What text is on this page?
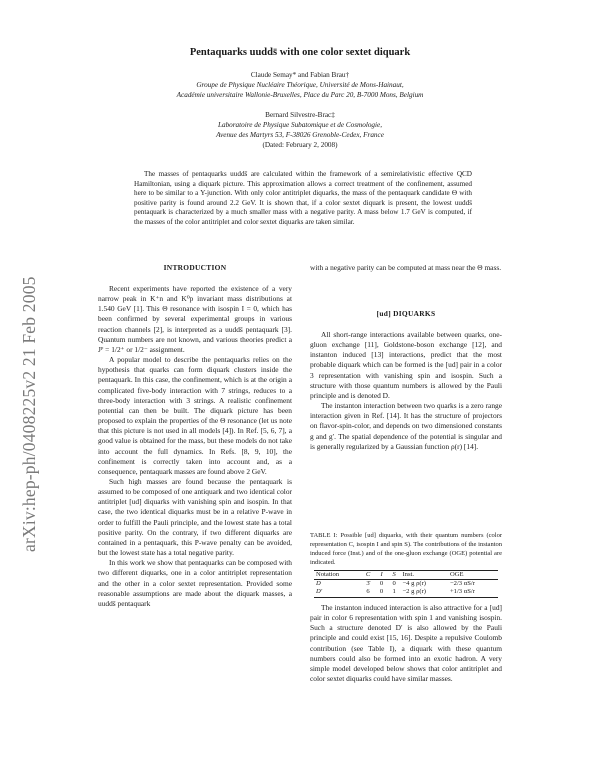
arXiv:hep-ph/0408225v2 21 Feb 2005
Pentaquarks uudds̄ with one color sextet diquark
Claude Semay* and Fabian Brau†
Groupe de Physique Nucléaire Théorique, Université de Mons-Hainaut,
Académie universitaire Wallonie-Bruxelles, Place du Parc 20, B-7000 Mons, Belgium
Bernard Silvestre-Brac‡
Laboratoire de Physique Subatomique et de Cosmologie,
Avenue des Martyrs 53, F-38026 Grenoble-Cedex, France
(Dated: February 2, 2008)

The masses of pentaquarks uudds̄ are calculated within the framework of a semirelativistic effective QCD Hamiltonian, using a diquark picture. This approximation allows a correct treatment of the confinement, assumed here to be similar to a Y-junction. With only color antitriplet diquarks, the mass of the pentaquark candidate Θ with positive parity is found around 2.2 GeV. It is shown that, if a color sextet diquark is present, the lowest uudds̄ pentaquark is characterized by a much smaller mass with a negative parity. A mass below 1.7 GeV is computed, if the masses of the color antitriplet and color sextet diquarks are taken similar.

INTRODUCTION

Recent experiments have reported the existence of a very narrow peak in K⁺n and K⁰p invariant mass distributions at 1.540 GeV [1]. This Θ resonance with isospin I = 0, which has been confirmed by several experimental groups in various reaction channels [2], is interpreted as a uudds̄ pentaquark [3]. Quantum numbers are not known, and various theories predict a Jᴾ = 1/2⁺ or 1/2⁻ assignment.

A popular model to describe the pentaquarks relies on the hypothesis that quarks can form diquark clusters inside the pentaquark. In this case, the confinement, which is at the origin a complicated five-body interaction with 7 strings, reduces to a three-body interaction with 3 strings. A realistic confinement potential can then be built. The diquark picture has been proposed to explain the properties of the Θ resonance (let us note that this picture is not used in all models [4]). In Ref. [5, 6, 7], a good value is obtained for the mass, but these models do not take into account the full dynamics. In Refs. [8, 9, 10], the confinement is correctly taken into account and, as a consequence, pentaquark masses are found above 2 GeV.

Such high masses are found because the pentaquark is assumed to be composed of one antiquark and two identical color antitriplet [ud] diquarks with vanishing spin and isospin. In that case, the two identical diquarks must be in a relative P-wave in order to fulfill the Pauli principle, and the lowest state has a total positive parity. On the contrary, if two different diquarks are contained in a pentaquark, this P-wave penalty can be avoided, but the lowest state has a total negative parity.

In this work we show that pentaquarks can be composed with two different diquarks, one in a color antitriplet representation and the other in a color sextet representation. Provided some reasonable assumptions are made about the diquark masses, a uudds̄ pentaquark

with a negative parity can be computed at mass near the Θ mass.

[ud] DIQUARKS

All short-range interactions available between quarks, one-gluon exchange [11], Goldstone-boson exchange [12], and instanton induced [13] interactions, predict that the most probable diquark which can be formed is the [ud] pair in a color 3 representation with vanishing spin and isospin. Such a structure with those quantum numbers is allowed by the Pauli principle and is denoted D.

The instanton interaction between two quarks is a zero range interaction given in Ref. [14]. It has the structure of projectors on flavor-spin-color, and depends on two dimensioned constants g and g′. The spatial dependence of the potential is singular and is generally regularized by a Gaussian function ρ(r) [14].

TABLE I: Possible [ud] diquarks, with their quantum numbers (color representation C, isospin I and spin S). The contributions of the instanton induced force (Inst.) and of the one-gluon exchange (OGE) potential are indicated.
Notation	C	I	S	Inst.	OGE
D	3̄	0	0	−4 g ρ(r)	−2/3 αS/r
D′	6	0	1	−2 g ρ(r)	+1/3 αS/r

The instanton induced interaction is also attractive for a [ud] pair in color 6 representation with spin 1 and vanishing isospin. Such a structure denoted D′ is also allowed by the Pauli principle and could exist [15, 16]. Despite a repulsive Coulomb contribution (see Table I), a diquark with these quantum numbers could also be formed into an exotic hadron. A very simple model developed below shows that color antitriplet and color sextet diquarks could have similar masses.
